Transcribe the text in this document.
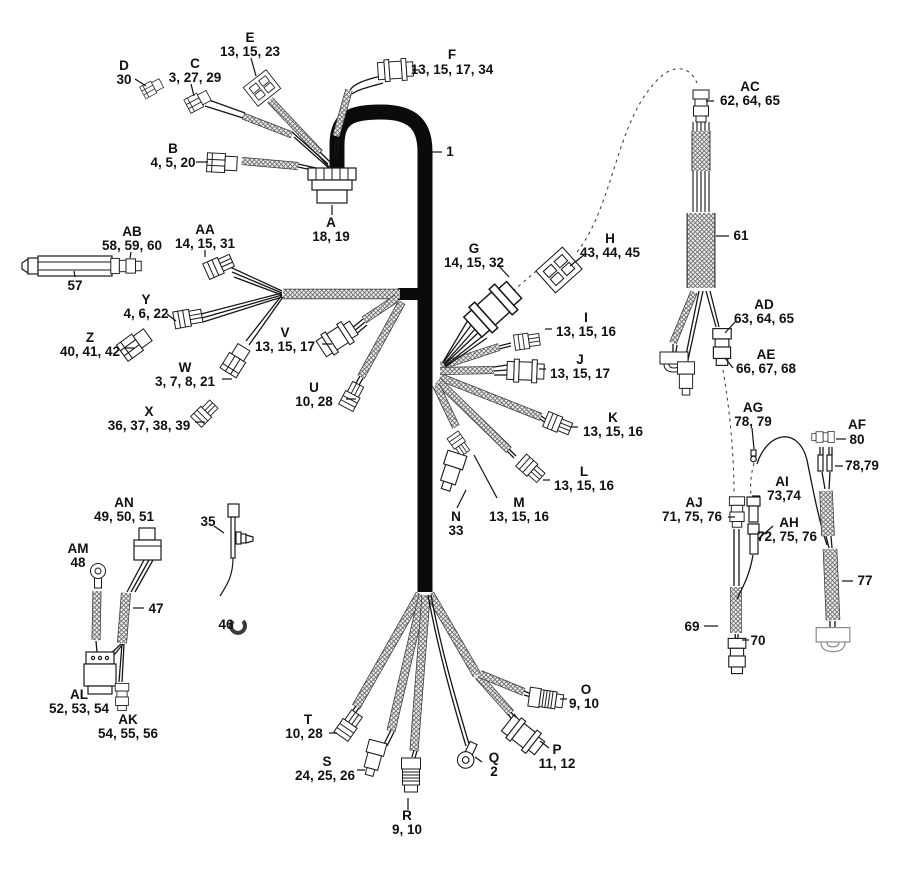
E 13, 15, 23
C 3, 27, 29
D 30
B 4, 5, 20
F 13, 15, 17, 34
1
A 18, 19
AC 62, 64, 65
61
G 14, 15, 32
H 43, 44, 45
I 13, 15, 16
J 13, 15, 17
K 13, 15, 16
L 13, 15, 16
M 13, 15, 16
N 33
AB 58, 59, 60
57
AA 14, 15, 31
Y 4, 6, 22
Z 40, 41, 42
W 3, 7, 8, 21
X 36, 37, 38, 39
V 13, 15, 17
U 10, 28
AN 49, 50, 51
AM 48
47
35
46
AL 52, 53, 54
AK 54, 55, 56
T 10, 28
S 24, 25, 26
R 9, 10
Q 2
P 11, 12
O 9, 10
AD 63, 64, 65
AE 66, 67, 68
AG 78, 79	AF 80
78,79
AI 73,74
AH 72, 75, 76
AJ 71, 75, 76
69
70
77
